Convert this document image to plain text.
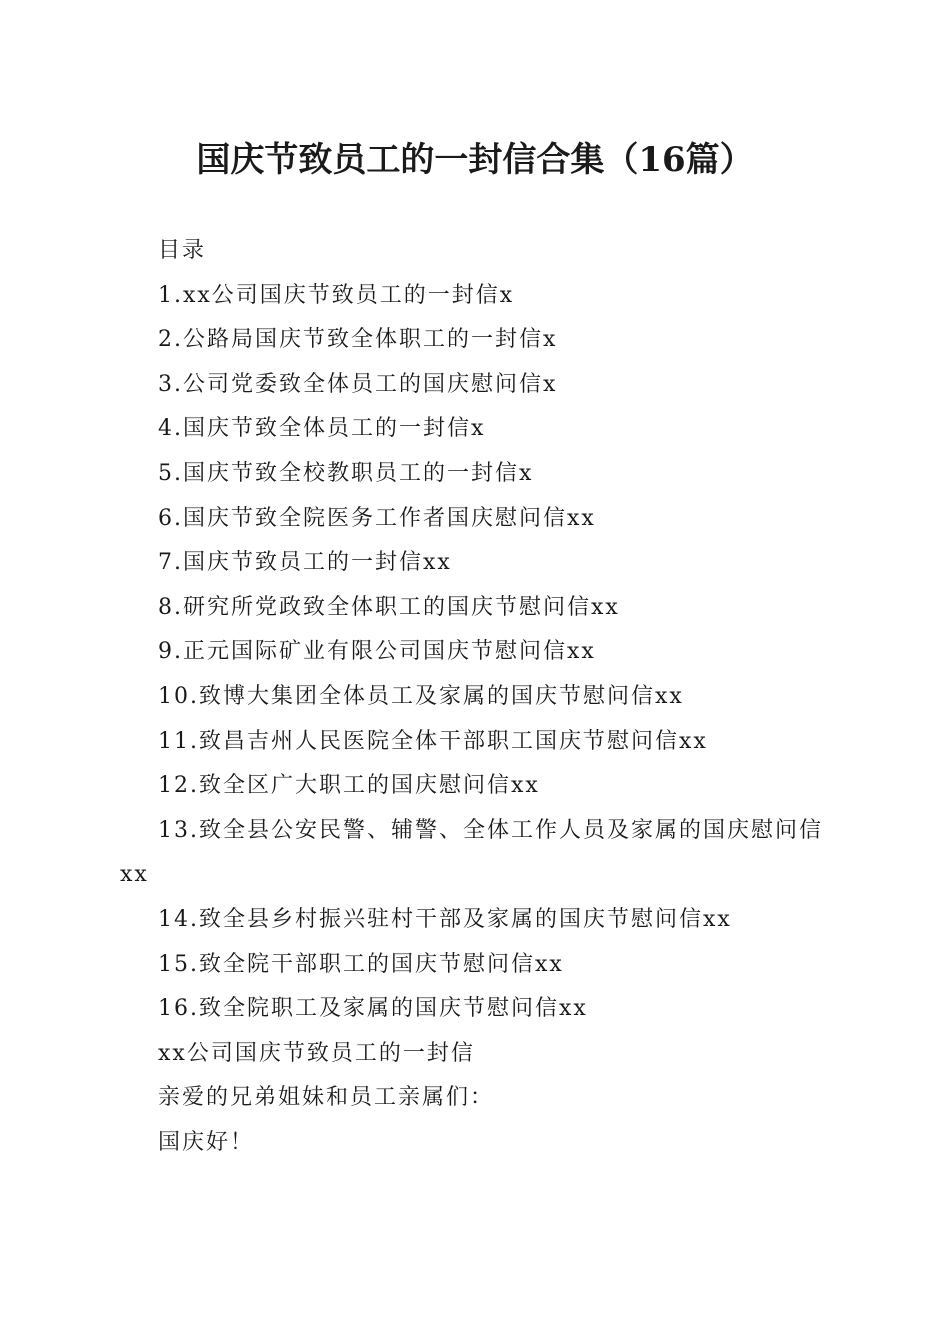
国庆节致员工的一封信合集（16篇）

目录

1.xx公司国庆节致员工的一封信x

2.公路局国庆节致全体职工的一封信x

3.公司党委致全体员工的国庆慰问信x

4.国庆节致全体员工的一封信x

5.国庆节致全校教职员工的一封信x

6.国庆节致全院医务工作者国庆慰问信xx

7.国庆节致员工的一封信xx

8.研究所党政致全体职工的国庆节慰问信xx

9.正元国际矿业有限公司国庆节慰问信xx

10.致博大集团全体员工及家属的国庆节慰问信xx

11.致昌吉州人民医院全体干部职工国庆节慰问信xx

12.致全区广大职工的国庆慰问信xx

13.致全县公安民警、辅警、全体工作人员及家属的国庆慰问信xx

14.致全县乡村振兴驻村干部及家属的国庆节慰问信xx

15.致全院干部职工的国庆节慰问信xx

16.致全院职工及家属的国庆节慰问信xx

xx公司国庆节致员工的一封信

亲爱的兄弟姐妹和员工亲属们：

国庆好！
